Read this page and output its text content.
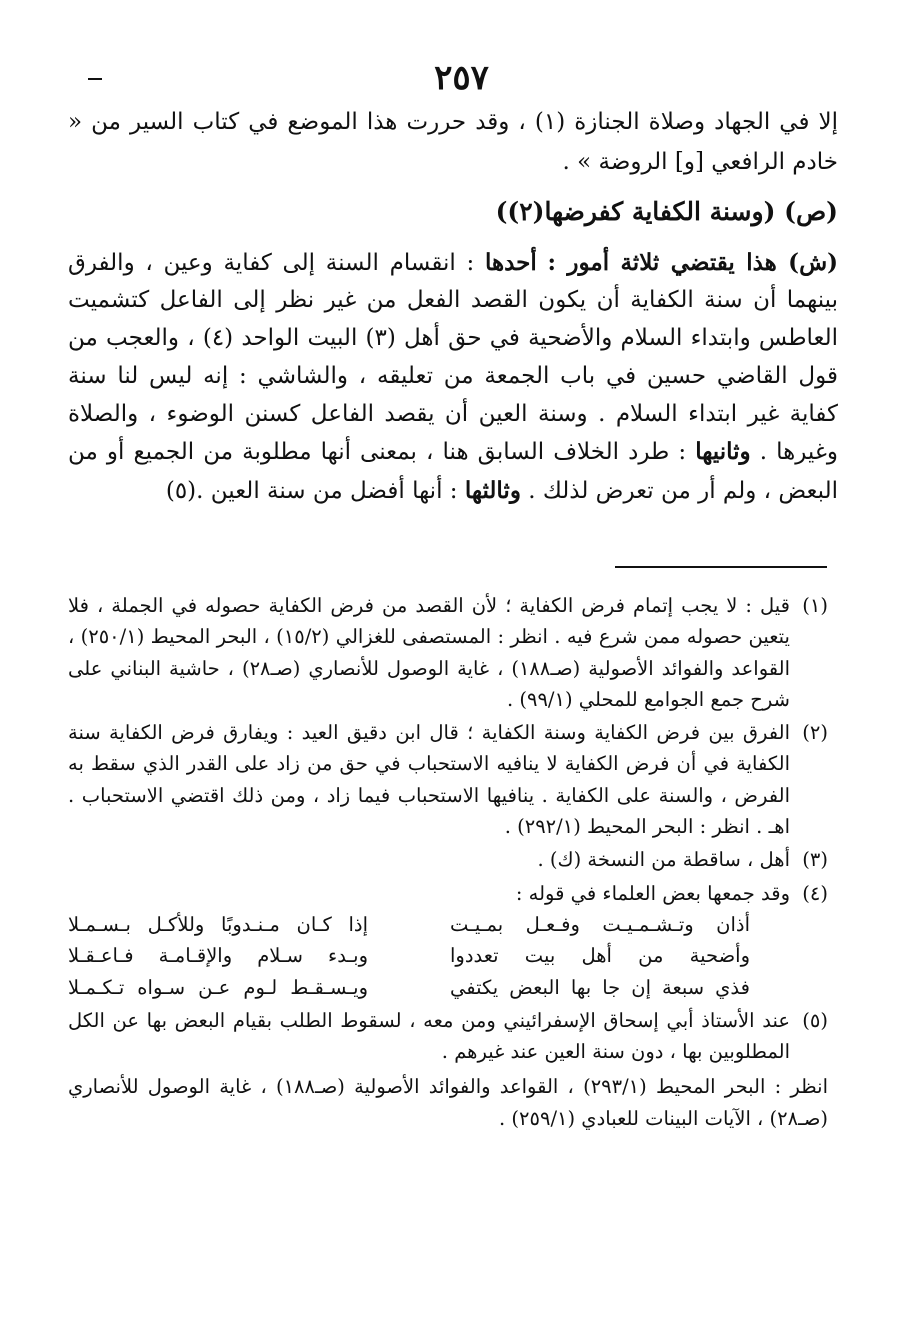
٢٥٧

إلا في الجهاد وصلاة الجنازة (١) ، وقد حررت هذا الموضع في كتاب السير من « خادم الرافعي [و] الروضة » .

(ص) (وسنة الكفاية كفرضها(٢))

(ش) هذا يقتضي ثلاثة أمور : أحدها : انقسام السنة إلى كفاية وعين ، والفرق بينهما أن سنة الكفاية أن يكون القصد الفعل من غير نظر إلى الفاعل كتشميت العاطس وابتداء السلام والأضحية في حق أهل (٣) البيت الواحد (٤) ، والعجب من قول القاضي حسين في باب الجمعة من تعليقه ، والشاشي : إنه ليس لنا سنة كفاية غير ابتداء السلام . وسنة العين أن يقصد الفاعل كسنن الوضوء ، والصلاة وغيرها . وثانيها : طرد الخلاف السابق هنا ، بمعنى أنها مطلوبة من الجميع أو من البعض ، ولم أر من تعرض لذلك . وثالثها : أنها أفضل من سنة العين .(٥)

(١)
قيل : لا يجب إتمام فرض الكفاية ؛ لأن القصد من فرض الكفاية حصوله في الجملة ، فلا يتعين حصوله ممن شرع فيه . انظر : المستصفى للغزالي (١٥/٢) ، البحر المحيط (٢٥٠/١) ، القواعد والفوائد الأصولية (صـ١٨٨) ، غاية الوصول للأنصاري (صـ٢٨) ، حاشية البناني على شرح جمع الجوامع للمحلي (٩٩/١) .
(٢)
الفرق بين فرض الكفاية وسنة الكفاية ؛ قال ابن دقيق العيد : ويفارق فرض الكفاية سنة الكفاية في أن فرض الكفاية لا ينافيه الاستحباب في حق من زاد على القدر الذي سقط به الفرض ، والسنة على الكفاية . ينافيها الاستحباب فيما زاد ، ومن ذلك اقتضي الاستحباب . اهـ . انظر : البحر المحيط (٢٩٢/١) .
(٣)
أهل ، ساقطة من النسخة (ك) .
(٤)
وقد جمعها بعض العلماء في قوله :
أذان وتـشـمـيـت وفـعـل بمـيـت
إذا كـان مـنـدوبًا وللأكـل بـسـمـلا
وأضحية من أهل بيت تعددوا
وبـدء سـلام والإقـامـة فـاعـقـلا
فذي سبعة إن جا بها البعض يكتفي
ويـسـقـط لـوم عـن سـواه تـكـمـلا
(٥)
عند الأستاذ أبي إسحاق الإسفرائيني ومن معه ، لسقوط الطلب بقيام البعض بها عن الكل المطلوبين بها ، دون سنة العين عند غيرهم .

انظر : البحر المحيط (٢٩٣/١) ، القواعد والفوائد الأصولية (صـ١٨٨) ، غاية الوصول للأنصاري (صـ٢٨) ، الآيات البينات للعبادي (٢٥٩/١) .
